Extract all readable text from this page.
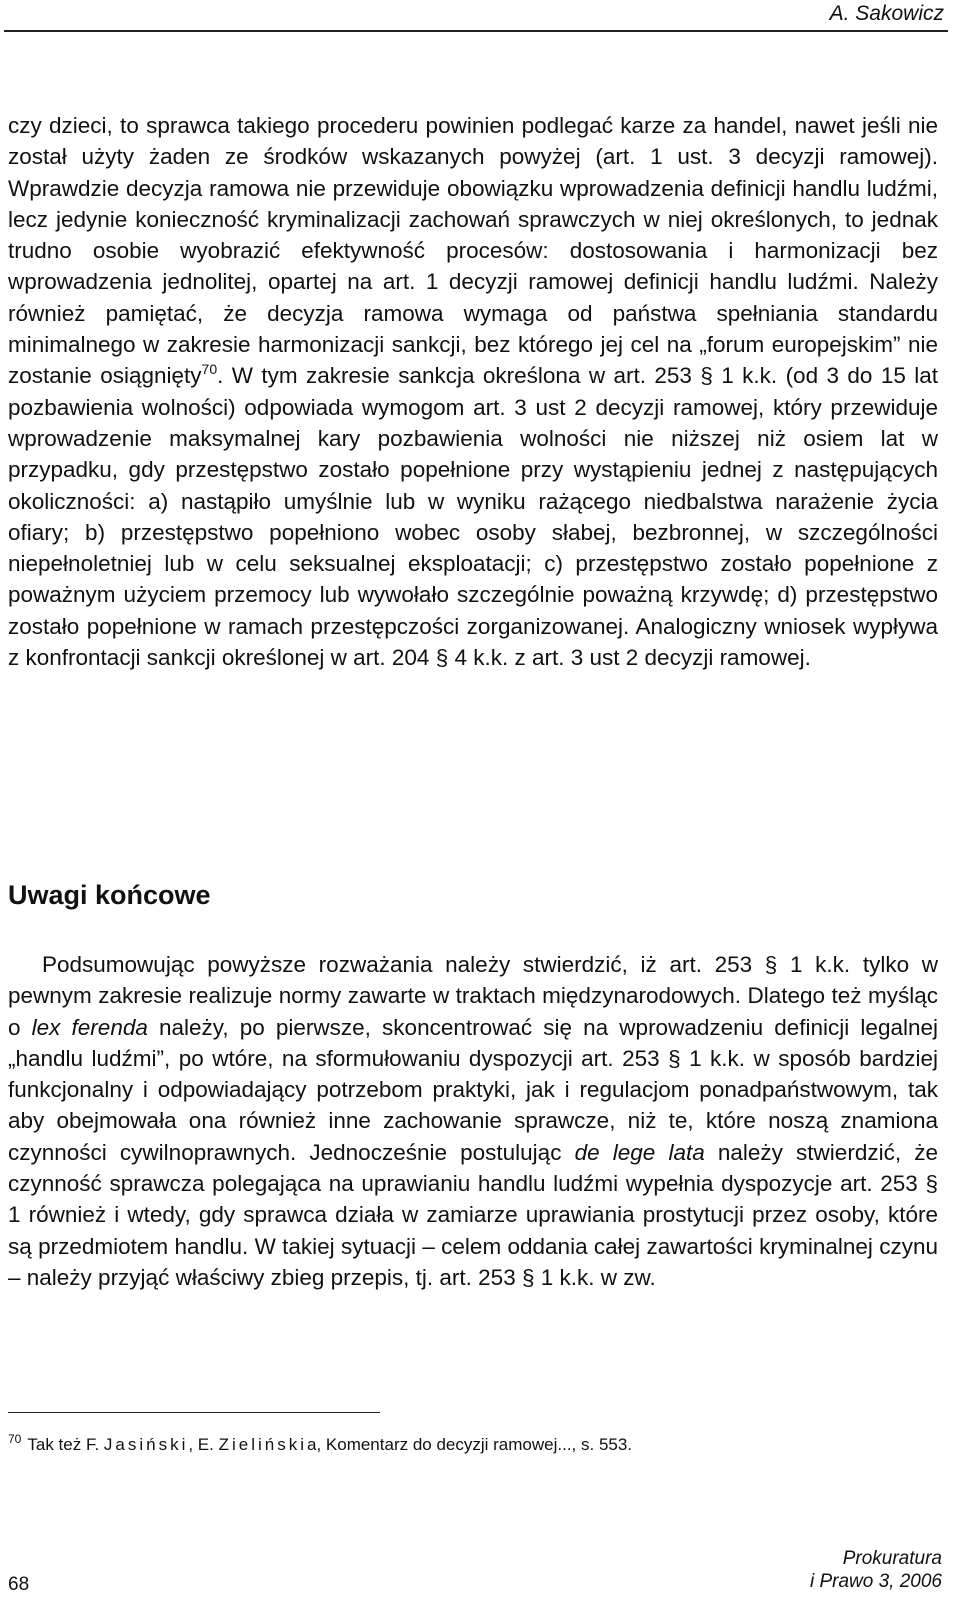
A. Sakowicz

czy dzieci, to sprawca takiego procederu powinien podlegać karze za handel, nawet jeśli nie został użyty żaden ze środków wskazanych powyżej (art. 1 ust. 3 decyzji ramowej). Wprawdzie decyzja ramowa nie przewiduje obowiązku wprowadzenia definicji handlu ludźmi, lecz jedynie konieczność kryminalizacji zachowań sprawczych w niej określonych, to jednak trudno osobie wyobrazić efektywność procesów: dostosowania i harmonizacji bez wprowadzenia jednolitej, opartej na art. 1 decyzji ramowej definicji handlu ludźmi. Należy również pamiętać, że decyzja ramowa wymaga od państwa spełniania standardu minimalnego w zakresie harmonizacji sankcji, bez którego jej cel na „forum europejskim” nie zostanie osiągnięty$^{70}$. W tym zakresie sankcja określona w art. 253 § 1 k.k. (od 3 do 15 lat pozbawienia wolności) odpowiada wymogom art. 3 ust 2 decyzji ramowej, który przewiduje wprowadzenie maksymalnej kary pozbawienia wolności nie niższej niż osiem lat w przypadku, gdy przestępstwo zostało popełnione przy wystąpieniu jednej z następujących okoliczności: a) nastąpiło umyślnie lub w wyniku rażącego niedbalstwa narażenie życia ofiary; b) przestępstwo popełniono wobec osoby słabej, bezbronnej, w szczególności niepełnoletniej lub w celu seksualnej eksploatacji; c) przestępstwo zostało popełnione z poważnym użyciem przemocy lub wywołało szczególnie poważną krzywdę; d) przestępstwo zostało popełnione w ramach przestępczości zorganizowanej. Analogiczny wniosek wypływa z konfrontacji sankcji określonej w art. 204 § 4 k.k. z art. 3 ust 2 decyzji ramowej.

Uwagi końcowe

Podsumowując powyższe rozważania należy stwierdzić, iż art. 253 § 1 k.k. tylko w pewnym zakresie realizuje normy zawarte w traktach międzynarodowych. Dlatego też myśląc o lex ferenda należy, po pierwsze, skoncentrować się na wprowadzeniu definicji legalnej „handlu ludźmi”, po wtóre, na sformułowaniu dyspozycji art. 253 § 1 k.k. w sposób bardziej funkcjonalny i odpowiadający potrzebom praktyki, jak i regulacjom ponadpaństwowym, tak aby obejmowała ona również inne zachowanie sprawcze, niż te, które noszą znamiona czynności cywilnoprawnych. Jednocześnie postulując de lege lata należy stwierdzić, że czynność sprawcza polegająca na uprawianiu handlu ludźmi wypełnia dyspozycje art. 253 § 1 również i wtedy, gdy sprawca działa w zamiarze uprawiania prostytucji przez osoby, które są przedmiotem handlu. W takiej sytuacji – celem oddania całej zawartości kryminalnej czynu – należy przyjąć właściwy zbieg przepis, tj. art. 253 § 1 k.k. w zw.

$^{70}$ Tak też F. Jasiński, E. Zielińskia, Komentarz do decyzji ramowej..., s. 553.

68
Prokuratura
i Prawo 3, 2006
